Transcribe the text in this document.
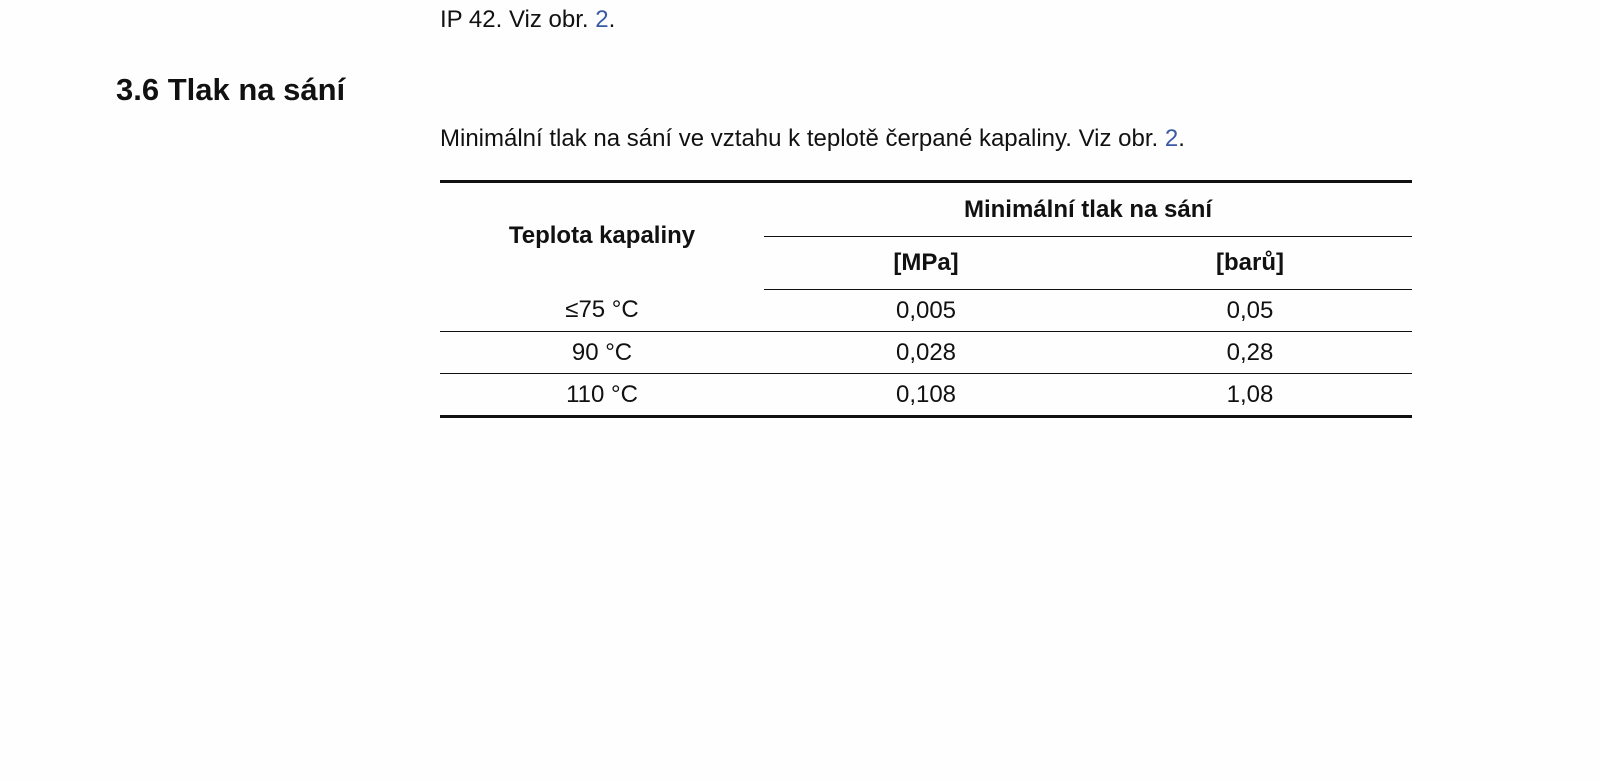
IP 42. Viz obr. 2.
3.6 Tlak na sání

Minimální tlak na sání ve vztahu k teplotě čerpané kapaliny. Viz obr. 2.

Teplota kapaliny	Minimální tlak na sání	
	[MPa]	[barů]
≤75 °C	0,005	0,05
90 °C	0,028	0,28
110 °C	0,108	1,08
